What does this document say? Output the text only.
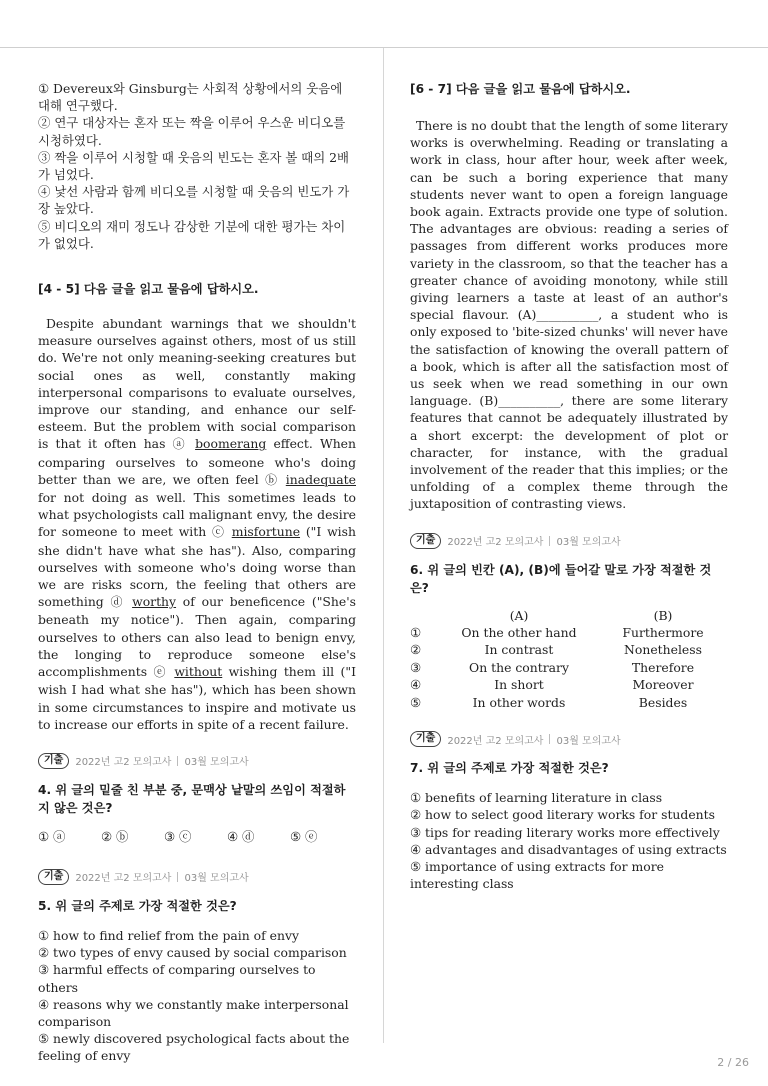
① Devereux와 Ginsburg는 사회적 상황에서의 웃음에 대해 연구했다.

② 연구 대상자는 혼자 또는 짝을 이루어 우스운 비디오를 시청하였다.

③ 짝을 이루어 시청할 때 웃음의 빈도는 혼자 볼 때의 2배가 넘었다.

④ 낯선 사람과 함께 비디오를 시청할 때 웃음의 빈도가 가장 높았다.

⑤ 비디오의 재미 정도나 감상한 기분에 대한 평가는 차이가 없었다.

[4 - 5] 다음 글을 읽고 물음에 답하시오.

Despite abundant warnings that we shouldn't measure ourselves against others, most of us still do. We're not only meaning-seeking creatures but social ones as well, constantly making interpersonal comparisons to evaluate ourselves, improve our standing, and enhance our self-esteem. But the problem with social comparison is that it often has ⓐ boomerang effect. When comparing ourselves to someone who's doing better than we are, we often feel ⓑ inadequate for not doing as well. This sometimes leads to what psychologists call malignant envy, the desire for someone to meet with ⓒ misfortune ("I wish she didn't have what she has"). Also, comparing ourselves with someone who's doing worse than we are risks scorn, the feeling that others are something ⓓ worthy of our beneficence ("She's beneath my notice"). Then again, comparing ourselves to others can also lead to benign envy, the longing to reproduce someone else's accomplishments ⓔ without wishing them ill ("I wish I had what she has"), which has been shown in some circumstances to inspire and motivate us to increase our efforts in spite of a recent failure.

기출	2022년 고2 모의고사 03월 모의고사
4. 위 글의 밑줄 친 부분 중, 문맥상 낱말의 쓰임이 적절하지 않은 것은?
① ⓐ	② ⓑ	③ ⓒ	④ ⓓ	⑤ ⓔ
기출	2022년 고2 모의고사 03월 모의고사
5. 위 글의 주제로 가장 적절한 것은?

① how to find relief from the pain of envy

② two types of envy caused by social comparison

③ harmful effects of comparing ourselves to others

④ reasons why we constantly make interpersonal comparison

⑤ newly discovered psychological facts about the feeling of envy

[6 - 7] 다음 글을 읽고 물음에 답하시오.

There is no doubt that the length of some literary works is overwhelming. Reading or translating a work in class, hour after hour, week after week, can be such a boring experience that many students never want to open a foreign language book again. Extracts provide one type of solution. The advantages are obvious: reading a series of passages from different works produces more variety in the classroom, so that the teacher has a greater chance of avoiding monotony, while still giving learners a taste at least of an author's special flavour. (A)__________, a student who is only exposed to 'bite-sized chunks' will never have the satisfaction of knowing the overall pattern of a book, which is after all the satisfaction most of us seek when we read something in our own language. (B)__________, there are some literary features that cannot be adequately illustrated by a short excerpt: the development of plot or character, for instance, with the gradual involvement of the reader that this implies; or the unfolding of a complex theme through the juxtaposition of contrasting views.

기출	2022년 고2 모의고사 03월 모의고사
6. 위 글의 빈칸 (A), (B)에 들어갈 말로 가장 적절한 것은?
(A)	(B)
①	On the other hand	Furthermore
②	In contrast	Nonetheless
③	On the contrary	Therefore
④	In short	Moreover
⑤	In other words	Besides
기출	2022년 고2 모의고사 03월 모의고사
7. 위 글의 주제로 가장 적절한 것은?

① benefits of learning literature in class

② how to select good literary works for students

③ tips for reading literary works more effectively

④ advantages and disadvantages of using extracts

⑤ importance of using extracts for more interesting class

2 / 26
